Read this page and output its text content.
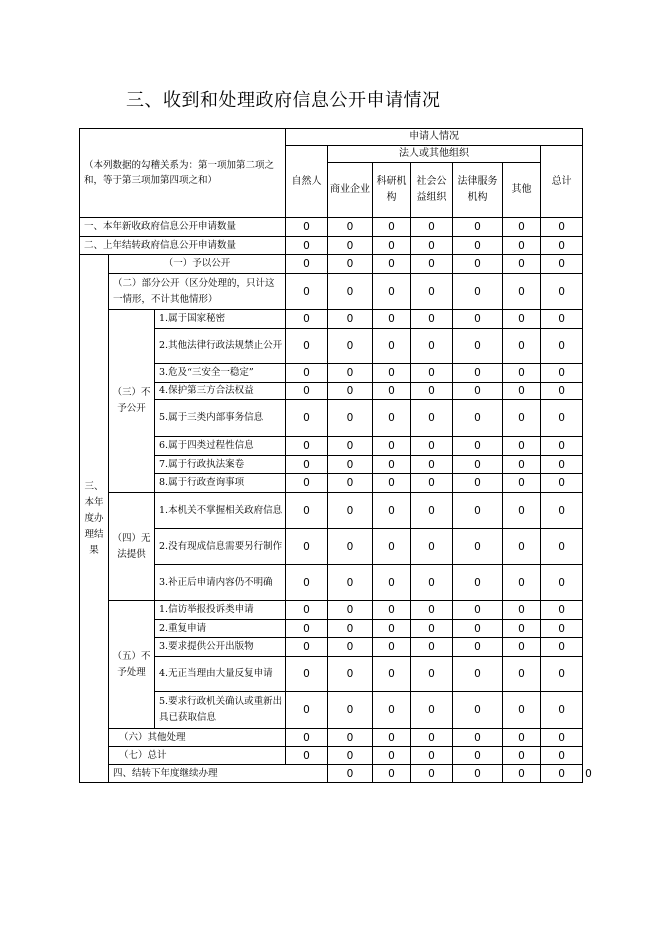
三、收到和处理政府信息公开申请情况
（本列数据的勾稽关系为：第一项加第二项之和，等于第三项加第四项之和）			申请人情况							
			自然人	法人或其他组织					总计	
				商业企业	科研机构	社会公益组织	法律服务机构	其他		
一、本年新收政府信息公开申请数量			0	0	0	0	0	0	0	
二、上年结转政府信息公开申请数量			0	0	0	0	0	0	0	
三、本年度办理结果	（一）予以公开		0	0	0	0	0	0	0	
	（二）部分公开（区分处理的，只计这一情形，不计其他情形）		0	0	0	0	0	0	0	
	（三）不予公开	1.属于国家秘密	0	0	0	0	0	0	0	
		2.其他法律行政法规禁止公开	0	0	0	0	0	0	0	
		3.危及“三安全一稳定”	0	0	0	0	0	0	0	
		4.保护第三方合法权益	0	0	0	0	0	0	0	
		5.属于三类内部事务信息	0	0	0	0	0	0	0	
		6.属于四类过程性信息	0	0	0	0	0	0	0	
		7.属于行政执法案卷	0	0	0	0	0	0	0	
		8.属于行政查询事项	0	0	0	0	0	0	0	
	（四）无法提供	1.本机关不掌握相关政府信息	0	0	0	0	0	0	0	
		2.没有现成信息需要另行制作	0	0	0	0	0	0	0	
		3.补正后申请内容仍不明确	0	0	0	0	0	0	0	
	（五）不予处理	1.信访举报投诉类申请	0	0	0	0	0	0	0	
		2.重复申请	0	0	0	0	0	0	0	
		3.要求提供公开出版物	0	0	0	0	0	0	0	
		4.无正当理由大量反复申请	0	0	0	0	0	0	0	
		5.要求行政机关确认或重新出具已获取信息	0	0	0	0	0	0	0	
	（六）其他处理		0	0	0	0	0	0	0	
	（七）总计		0	0	0	0	0	0	0	
	四、结转下年度继续办理			0	0	0	0	0	0	0
